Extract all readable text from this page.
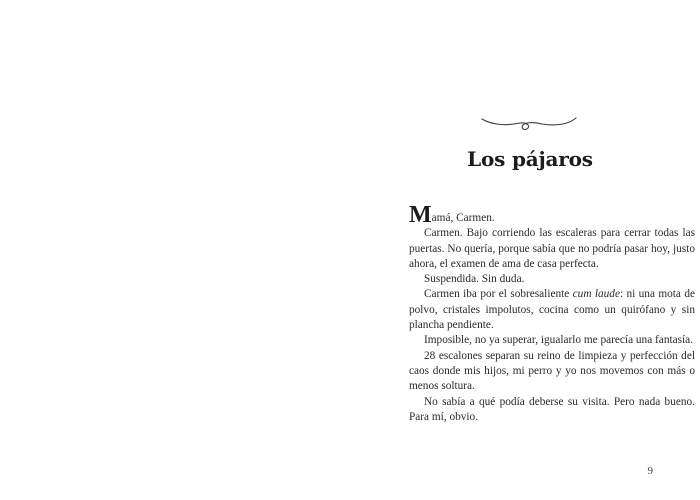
Los pájaros

Mamá, Carmen.

Carmen. Bajo corriendo las escaleras para cerrar todas las puertas. No quería, porque sabía que no podría pasar hoy, justo ahora, el examen de ama de casa perfecta.

Suspendida. Sin duda.

Carmen iba por el sobresaliente cum laude: ni una mota de polvo, cristales impolutos, cocina como un quirófano y sin plancha pendiente.

Imposible, no ya superar, igualarlo me parecía una fantasía.

28 escalones separan su reino de limpieza y perfección del caos donde mis hijos, mi perro y yo nos movemos con más o menos soltura.

No sabía a qué podía deberse su visita. Pero nada bueno. Para mí, obvio.

9
